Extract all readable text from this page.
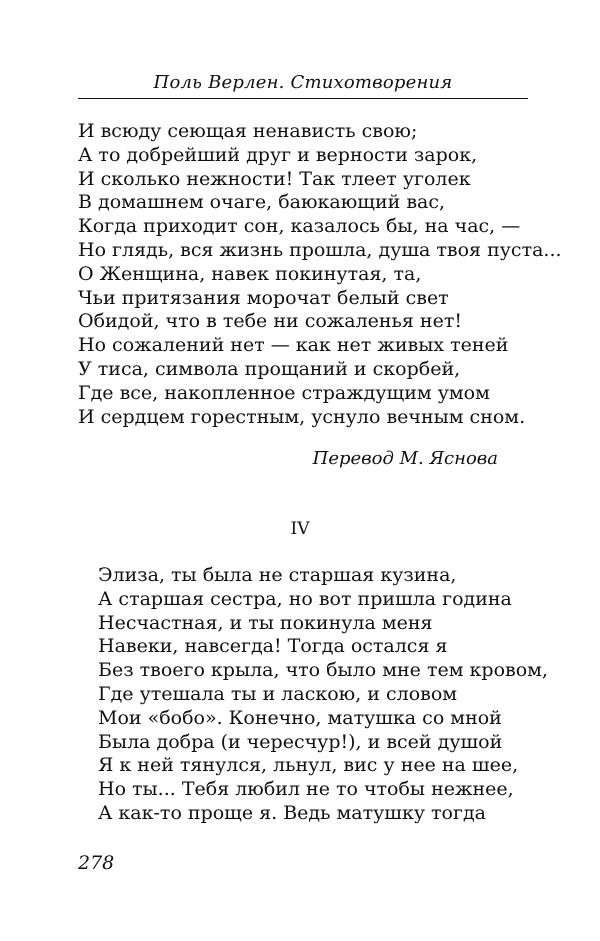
Поль Верлен. Стихотворения
И всюду сеющая ненависть свою;
А то добрейший друг и верности зарок,
И сколько нежности! Так тлеет уголек
В домашнем очаге, баюкающий вас,
Когда приходит сон, казалось бы, на час, —
Но глядь, вся жизнь прошла, душа твоя пуста...
О Женщина, навек покинутая, та,
Чьи притязания морочат белый свет
Обидой, что в тебе ни сожаленья нет!
Но сожалений нет — как нет живых теней
У тиса, символа прощаний и скорбей,
Где все, накопленное страждущим умом
И сердцем горестным, уснуло вечным сном.
Перевод М. Яснова
IV
Элиза, ты была не старшая кузина,
А старшая сестра, но вот пришла година
Несчастная, и ты покинула меня
Навеки, навсегда! Тогда остался я
Без твоего крыла, что было мне тем кровом,
Где утешала ты и ласкою, и словом
Мои «бобо». Конечно, матушка со мной
Была добра (и чересчур!), и всей душой
Я к ней тянулся, льнул, вис у нее на шее,
Но ты... Тебя любил не то чтобы нежнее,
А как-то проще я. Ведь матушку тогда
278
